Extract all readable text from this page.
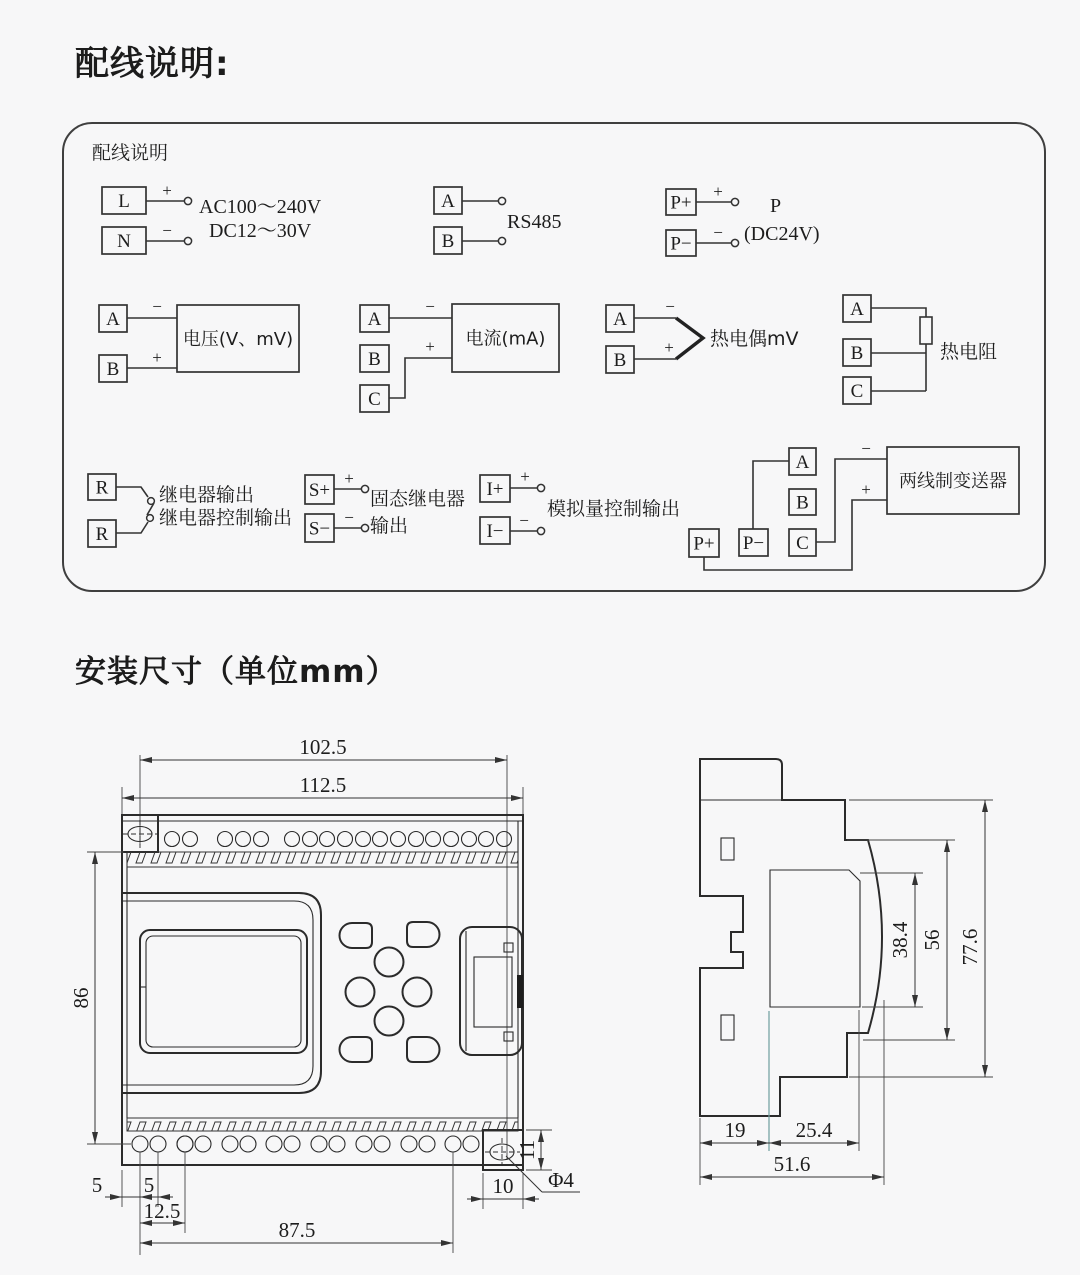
配线说明:
配线说明
L
N
+
−
AC100～240V
DC12～30V
A
B
RS485
P+
P−
+
−
P
(DC24V)
A
B
−
+
电压(V、mV)
A
B
C
−
+ 电流(mA)
A
B
−
+ 热电偶mV
A
B
C
热电阻
R
R
继电器输出
继电器控制输出
S+
S−
+
−
固态继电器
输出
I+
I−
+
−
模拟量控制输出
A
B
C
P+ P−
−
+ 两线制变送器
安装尺寸（单位mm）
102.5
112.5
86
5 5
12.5
87.5
10
11
Φ4
38.4 56 77.6
19 25.4
51.6
